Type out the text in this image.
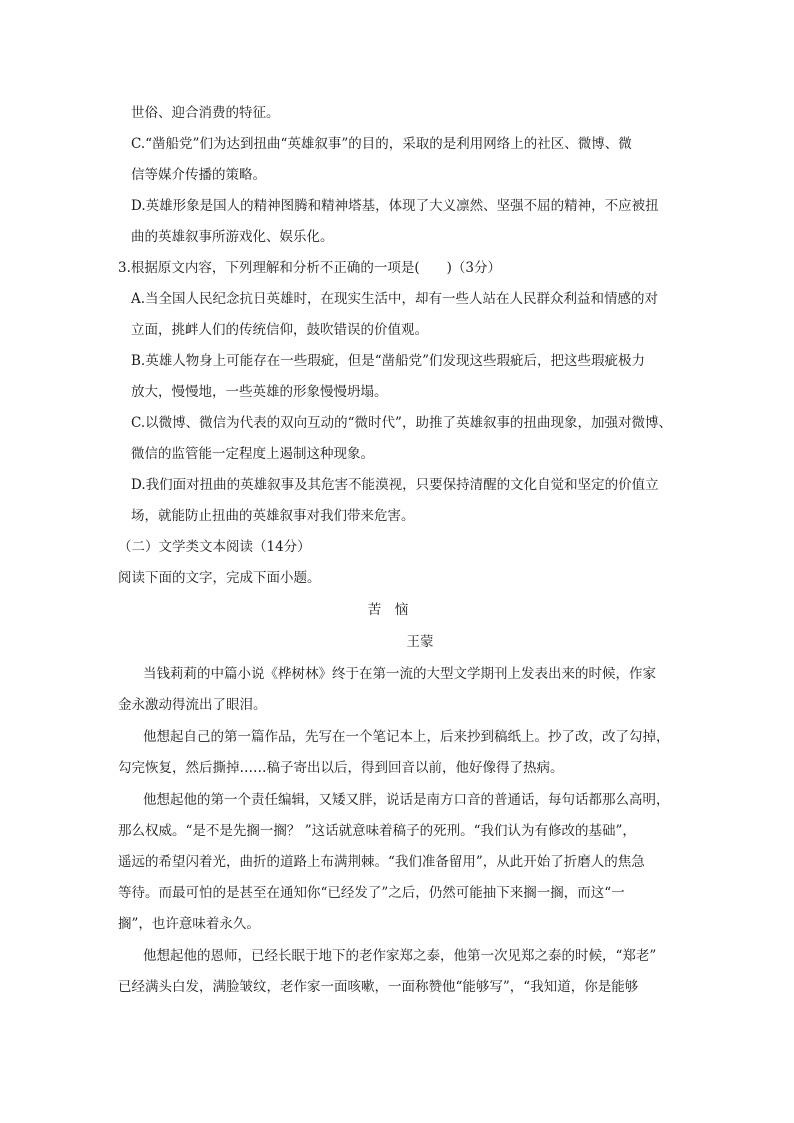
世俗、迎合消费的特征。
C.“凿船党”们为达到扭曲“英雄叙事”的目的，采取的是利用网络上的社区、微博、微
信等媒介传播的策略。
D.英雄形象是国人的精神图腾和精神塔基，体现了大义凛然、坚强不屈的精神，不应被扭
曲的英雄叙事所游戏化、娱乐化。
3.根据原文内容，下列理解和分析不正确的一项是(　　)（3分）
A.当全国人民纪念抗日英雄时，在现实生活中，却有一些人站在人民群众利益和情感的对
立面，挑衅人们的传统信仰，鼓吹错误的价值观。
B.英雄人物身上可能存在一些瑕疵，但是“凿船党”们发现这些瑕疵后，把这些瑕疵极力
放大，慢慢地，一些英雄的形象慢慢坍塌。
C.以微博、微信为代表的双向互动的“微时代”，助推了英雄叙事的扭曲现象，加强对微博、
微信的监管能一定程度上遏制这种现象。
D.我们面对扭曲的英雄叙事及其危害不能漠视，只要保持清醒的文化自觉和坚定的价值立
场，就能防止扭曲的英雄叙事对我们带来危害。
（二）文学类文本阅读（14分）
阅读下面的文字，完成下面小题。
苦　恼
王蒙
当钱莉莉的中篇小说《桦树林》终于在第一流的大型文学期刊上发表出来的时候，作家
金永激动得流出了眼泪。
他想起自己的第一篇作品，先写在一个笔记本上，后来抄到稿纸上。抄了改，改了勾掉，
勾完恢复，然后撕掉……稿子寄出以后，得到回音以前，他好像得了热病。
他想起他的第一个责任编辑，又矮又胖，说话是南方口音的普通话，每句话都那么高明，
那么权威。“是不是先搁一搁？ ”这话就意味着稿子的死刑。“我们认为有修改的基础”，
遥远的希望闪着光，曲折的道路上布满荆棘。“我们准备留用”，从此开始了折磨人的焦急
等待。而最可怕的是甚至在通知你“已经发了”之后，仍然可能抽下来搁一搁，而这“一
搁”，也许意味着永久。
他想起他的恩师，已经长眠于地下的老作家郑之泰，他第一次见郑之泰的时候，“郑老”
已经满头白发，满脸皱纹，老作家一面咳嗽，一面称赞他“能够写”，“我知道，你是能够
